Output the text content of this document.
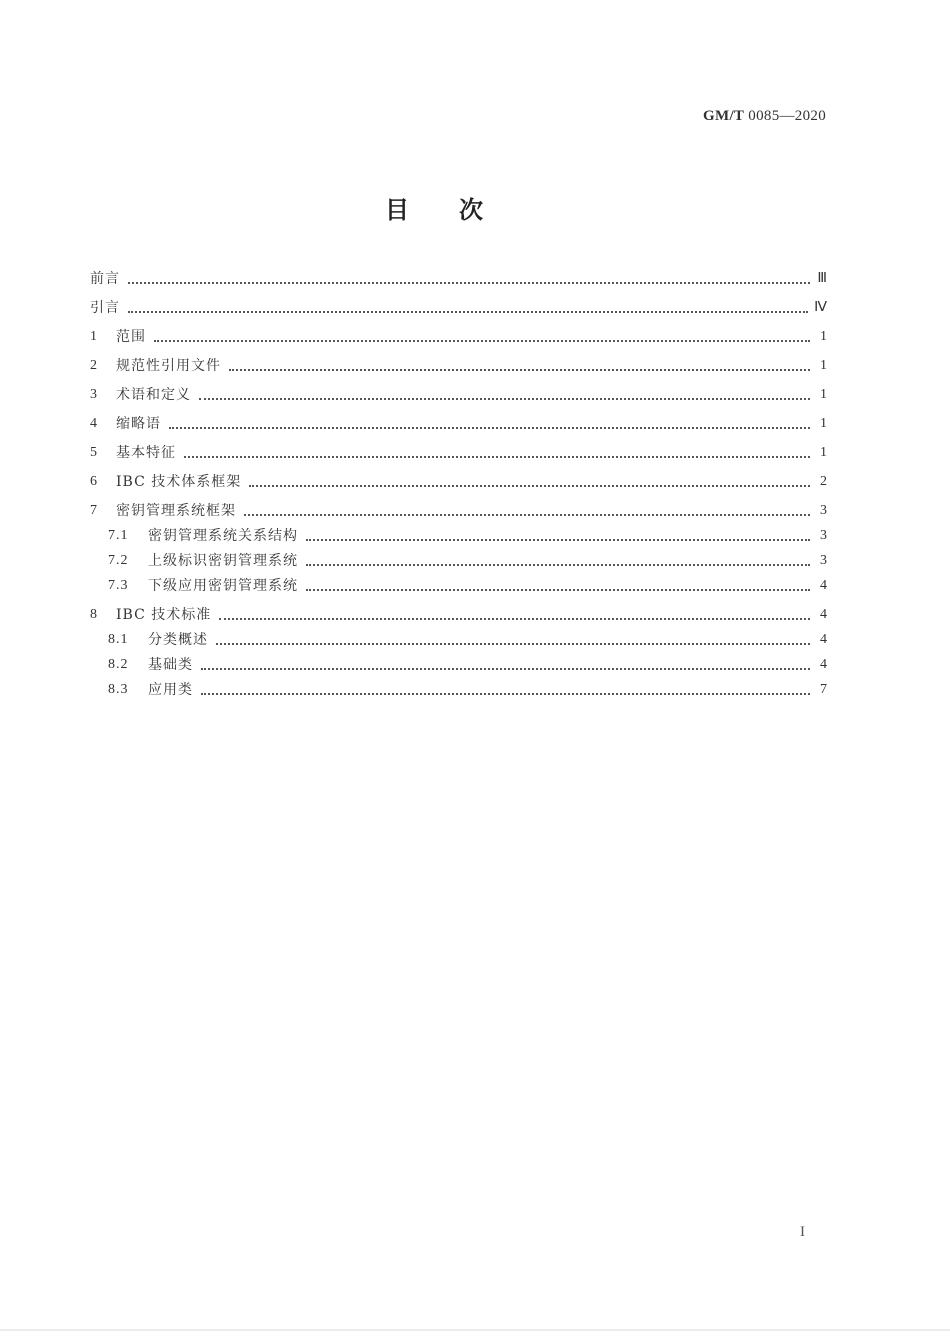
GM/T 0085—2020
目次
前言	Ⅲ
引言	Ⅳ
1	范围	1
2	规范性引用文件	1
3	术语和定义	1
4	缩略语	1
5	基本特征	1
6	IBC 技术体系框架	2
7	密钥管理系统框架	3
7.1	密钥管理系统关系结构	3
7.2	上级标识密钥管理系统	3
7.3	下级应用密钥管理系统	4
8	IBC 技术标准	4
8.1	分类概述	4
8.2	基础类	4
8.3	应用类	7
I
